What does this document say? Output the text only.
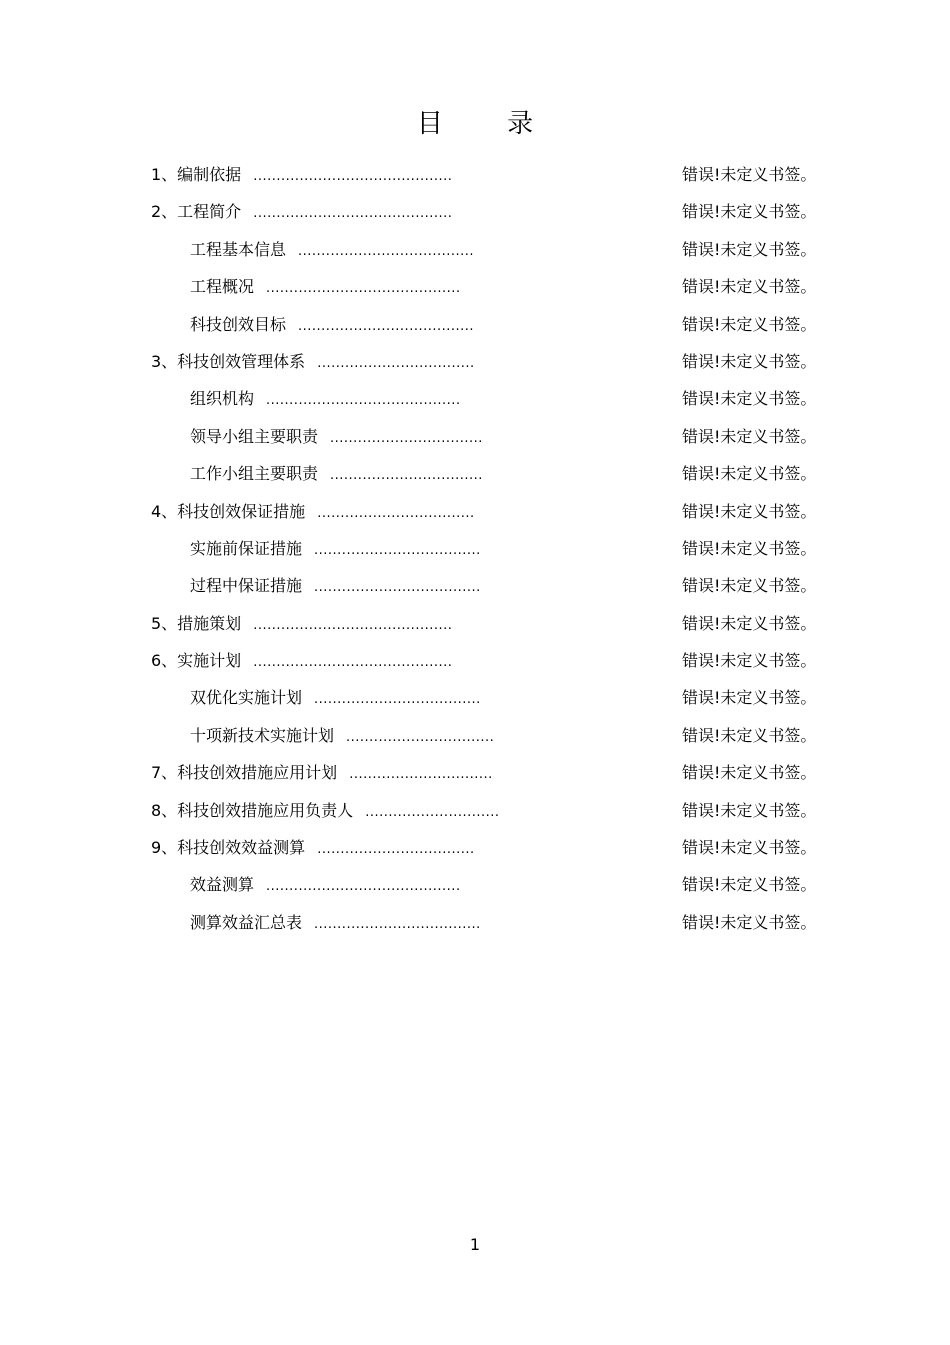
目 录
1、编制依据 ...........................................	错误!未定义书签。
2、工程简介 ...........................................	错误!未定义书签。
工程基本信息 ......................................	错误!未定义书签。
工程概况 ..........................................	错误!未定义书签。
科技创效目标 ......................................	错误!未定义书签。
3、科技创效管理体系 ..................................	错误!未定义书签。
组织机构 ..........................................	错误!未定义书签。
领导小组主要职责 .................................	错误!未定义书签。
工作小组主要职责 .................................	错误!未定义书签。
4、科技创效保证措施 ..................................	错误!未定义书签。
实施前保证措施 ....................................	错误!未定义书签。
过程中保证措施 ....................................	错误!未定义书签。
5、措施策划 ...........................................	错误!未定义书签。
6、实施计划 ...........................................	错误!未定义书签。
双优化实施计划 ....................................	错误!未定义书签。
十项新技术实施计划 ................................	错误!未定义书签。
7、科技创效措施应用计划 ...............................	错误!未定义书签。
8、科技创效措施应用负责人 .............................	错误!未定义书签。
9、科技创效效益测算 ..................................	错误!未定义书签。
效益测算 ..........................................	错误!未定义书签。
测算效益汇总表 ....................................	错误!未定义书签。
1
